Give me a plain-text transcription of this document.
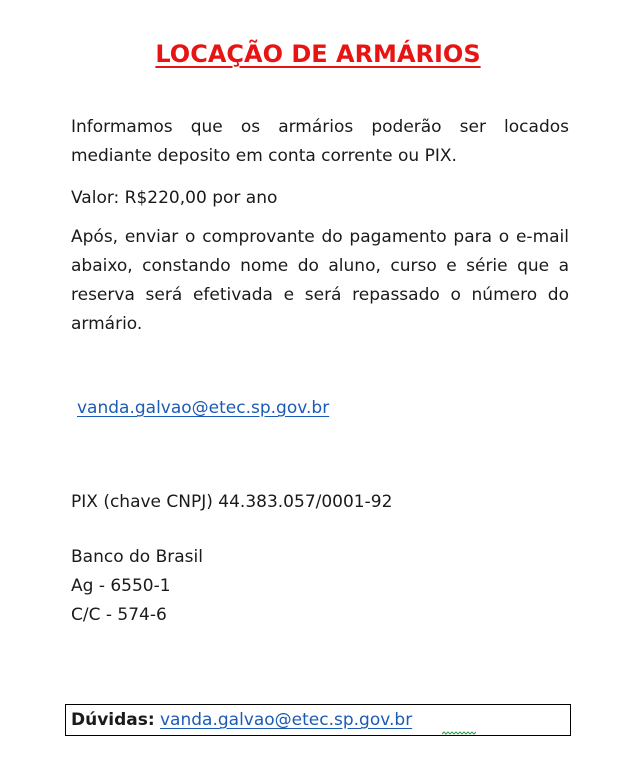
LOCAÇÃO DE ARMÁRIOS
Informamos que os armários poderão ser locados mediante deposito em conta corrente ou PIX.
Valor: R$220,00 por ano
Após, enviar o comprovante do pagamento para o e-mail abaixo, constando nome do aluno, curso e série que a reserva será efetivada e será repassado o número do armário.
vanda.galvao@etec.sp.gov.br
PIX (chave CNPJ) 44.383.057/0001-92
Banco do Brasil
Ag - 6550-1
C/C - 574-6
Dúvidas: vanda.galvao@etec.sp.gov.br
